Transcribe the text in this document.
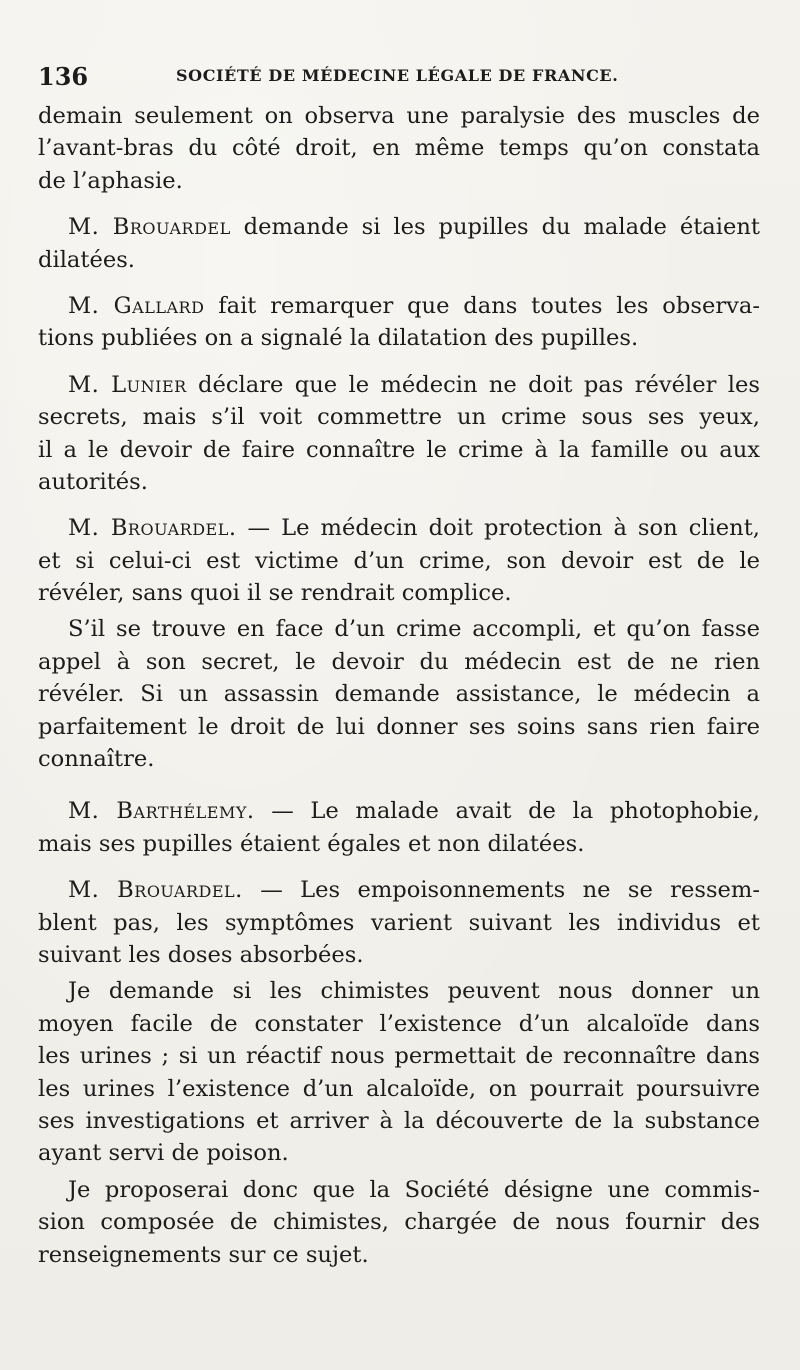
136	SOCIÉTÉ DE MÉDECINE LÉGALE DE FRANCE.
demain seulement on observa une paralysie des muscles de
l’avant-bras du côté droit, en même temps qu’on constata
de l’aphasie.
M. Brouardel demande si les pupilles du malade étaient
dilatées.
M. Gallard fait remarquer que dans toutes les observa-
tions publiées on a signalé la dilatation des pupilles.
M. Lunier déclare que le médecin ne doit pas révéler les
secrets, mais s’il voit commettre un crime sous ses yeux,
il a le devoir de faire connaître le crime à la famille ou aux
autorités.
M. Brouardel. — Le médecin doit protection à son client,
et si celui-ci est victime d’un crime, son devoir est de le
révéler, sans quoi il se rendrait complice.
S’il se trouve en face d’un crime accompli, et qu’on fasse
appel à son secret, le devoir du médecin est de ne rien
révéler. Si un assassin demande assistance, le médecin a
parfaitement le droit de lui donner ses soins sans rien faire
connaître.
M. Barthélemy. — Le malade avait de la photophobie,
mais ses pupilles étaient égales et non dilatées.
M. Brouardel. — Les empoisonnements ne se ressem-
blent pas, les symptômes varient suivant les individus et
suivant les doses absorbées.
Je demande si les chimistes peuvent nous donner un
moyen facile de constater l’existence d’un alcaloïde dans
les urines ; si un réactif nous permettait de reconnaître dans
les urines l’existence d’un alcaloïde, on pourrait poursuivre
ses investigations et arriver à la découverte de la substance
ayant servi de poison.
Je proposerai donc que la Société désigne une commis-
sion composée de chimistes, chargée de nous fournir des
renseignements sur ce sujet.
